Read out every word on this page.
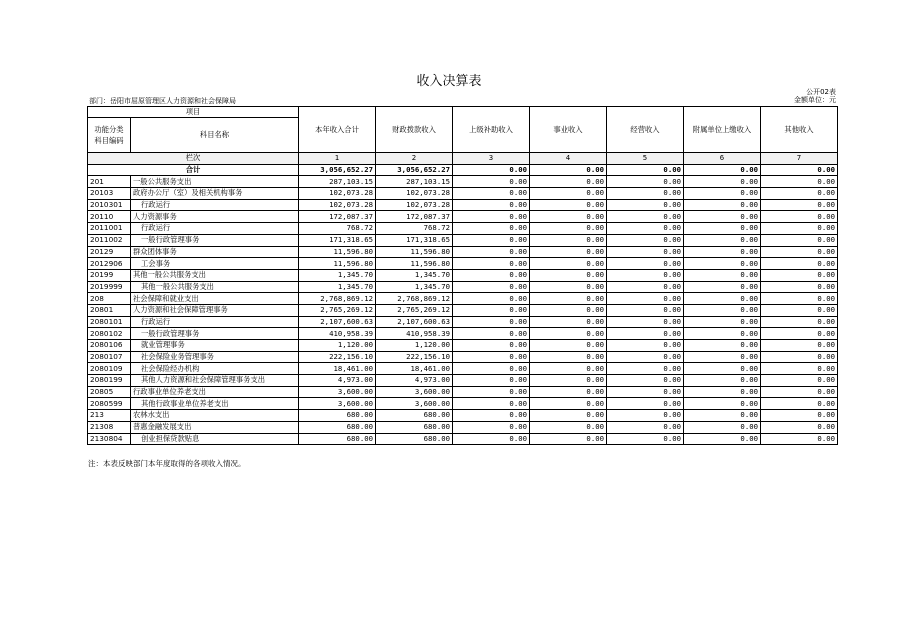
收入决算表
部门：岳阳市屈原管理区人力资源和社会保障局
公开02表
金额单位：元
项目		本年收入合计	财政拨款收入	上级补助收入	事业收入	经营收入	附属单位上缴收入	其他收入
功能分类
科目编码	科目名称							
栏次		1	2	3	4	5	6	7
合计		3,056,652.27	3,056,652.27	0.00	0.00	0.00	0.00	0.00
201	一般公共服务支出	287,103.15	287,103.15	0.00	0.00	0.00	0.00	0.00
20103	政府办公厅（室）及相关机构事务	102,073.28	102,073.28	0.00	0.00	0.00	0.00	0.00
2010301	行政运行	102,073.28	102,073.28	0.00	0.00	0.00	0.00	0.00
20110	人力资源事务	172,087.37	172,087.37	0.00	0.00	0.00	0.00	0.00
2011001	行政运行	768.72	768.72	0.00	0.00	0.00	0.00	0.00
2011002	一般行政管理事务	171,318.65	171,318.65	0.00	0.00	0.00	0.00	0.00
20129	群众团体事务	11,596.80	11,596.80	0.00	0.00	0.00	0.00	0.00
2012906	工会事务	11,596.80	11,596.80	0.00	0.00	0.00	0.00	0.00
20199	其他一般公共服务支出	1,345.70	1,345.70	0.00	0.00	0.00	0.00	0.00
2019999	其他一般公共服务支出	1,345.70	1,345.70	0.00	0.00	0.00	0.00	0.00
208	社会保障和就业支出	2,768,869.12	2,768,869.12	0.00	0.00	0.00	0.00	0.00
20801	人力资源和社会保障管理事务	2,765,269.12	2,765,269.12	0.00	0.00	0.00	0.00	0.00
2080101	行政运行	2,107,600.63	2,107,600.63	0.00	0.00	0.00	0.00	0.00
2080102	一般行政管理事务	410,958.39	410,958.39	0.00	0.00	0.00	0.00	0.00
2080106	就业管理事务	1,120.00	1,120.00	0.00	0.00	0.00	0.00	0.00
2080107	社会保险业务管理事务	222,156.10	222,156.10	0.00	0.00	0.00	0.00	0.00
2080109	社会保险经办机构	18,461.00	18,461.00	0.00	0.00	0.00	0.00	0.00
2080199	其他人力资源和社会保障管理事务支出	4,973.00	4,973.00	0.00	0.00	0.00	0.00	0.00
20805	行政事业单位养老支出	3,600.00	3,600.00	0.00	0.00	0.00	0.00	0.00
2080599	其他行政事业单位养老支出	3,600.00	3,600.00	0.00	0.00	0.00	0.00	0.00
213	农林水支出	680.00	680.00	0.00	0.00	0.00	0.00	0.00
21308	普惠金融发展支出	680.00	680.00	0.00	0.00	0.00	0.00	0.00
2130804	创业担保贷款贴息	680.00	680.00	0.00	0.00	0.00	0.00	0.00
注：本表反映部门本年度取得的各项收入情况。
